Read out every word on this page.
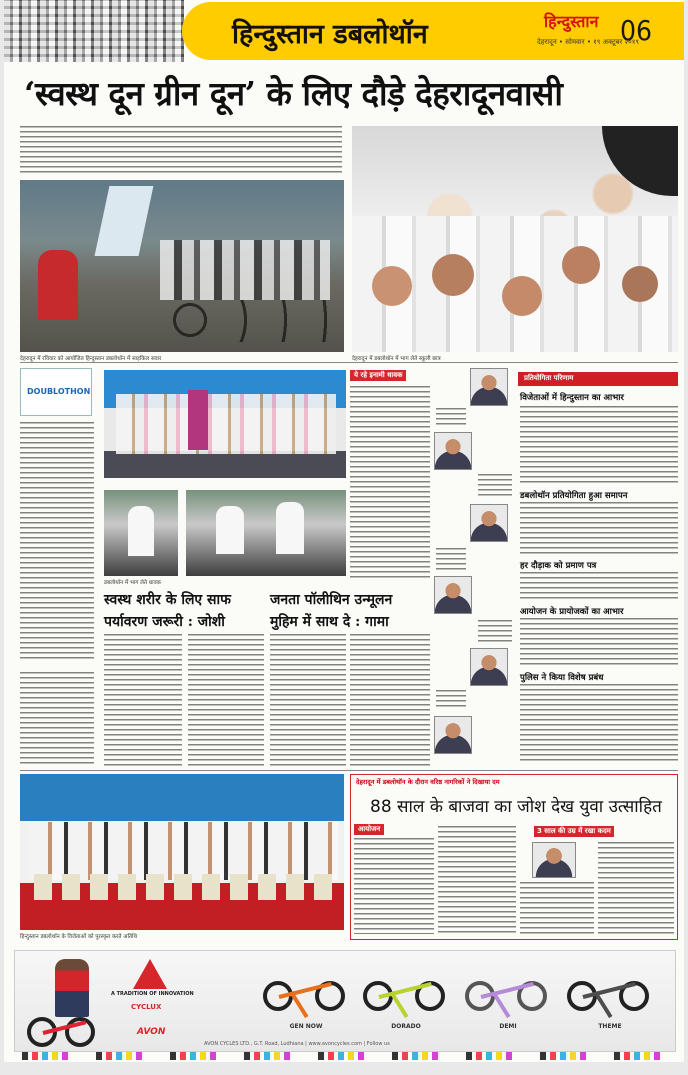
हिन्दुस्तान डबलोथॉन	हिन्दुस्तान 06
देहरादून • सोमवार • १९ अक्टूबर २०१९
‘स्वस्थ दून ग्रीन दून’ के लिए दौड़े देहरादूनवासी
देहरादून में रविवार को आयोजित हिन्दुस्तान डबलोथॉन में साइकिल सवार	देहरादून में डबलोथॉन में भाग लेते स्कूली छात्र
DOUBLOTHON
डबलोथॉन में भाग लेते धावक
ये रहे इनामी धावक	प्रतियोगिता परिणाम
विजेताओं में हिन्दुस्तान का आभार
डबलोथॉन प्रतियोगिता हुआ समापन
हर दौड़ाक को प्रमाण पत्र
आयोजन के प्रायोजकों का आभार
पुलिस ने किया विशेष प्रबंध
स्वस्थ शरीर के लिए साफ
पर्यावरण जरूरी : जोशी
जनता पॉलीथिन उन्मूलन
मुहिम में साथ दे : गामा
हिन्दुस्तान डबलोथॉन के विजेताओं को पुरस्कृत करते अतिथि
देहरादून में डबलोथॉन के दौरान वरिष्ठ नागरिकों ने दिखाया दम
88 साल के बाजवा का जोश देख युवा उत्साहित
आयोजन	3 साल की उम्र में रखा कदम
A TRADITION OF INNOVATION
CYCLUX
AVON
GEN NOW	DORADO	DEMI	THEME
AVON CYCLES LTD., G.T. Road, Ludhiana | www.avoncycles.com | Follow us
